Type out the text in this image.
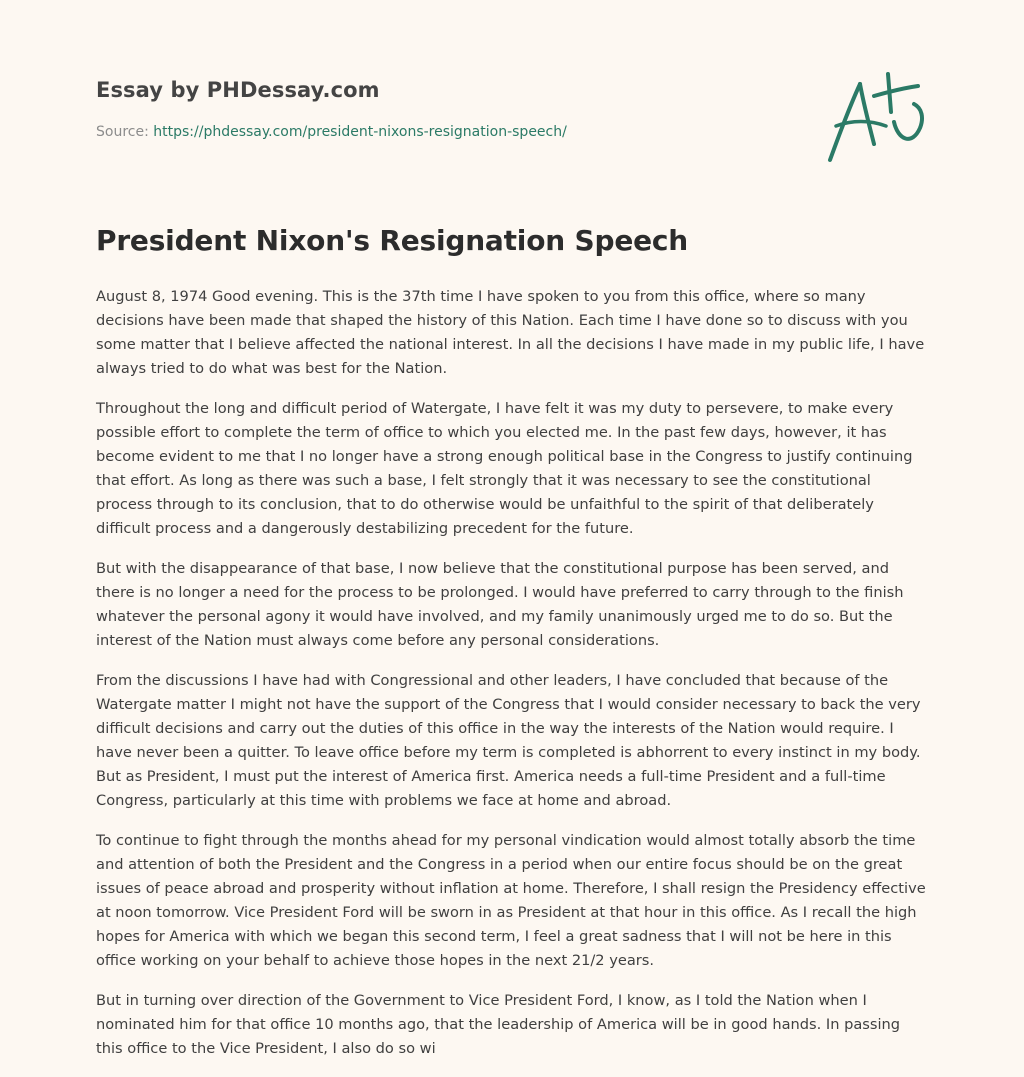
Essay by PHDessay.com
Source: https://phdessay.com/president-nixons-resignation-speech/
President Nixon's Resignation Speech

August 8, 1974 Good evening. This is the 37th time I have spoken to you from this office, where so many decisions have been made that shaped the history of this Nation. Each time I have done so to discuss with you some matter that I believe affected the national interest. In all the decisions I have made in my public life, I have always tried to do what was best for the Nation.

Throughout the long and difficult period of Watergate, I have felt it was my duty to persevere, to make every possible effort to complete the term of office to which you elected me. In the past few days, however, it has become evident to me that I no longer have a strong enough political base in the Congress to justify continuing that effort. As long as there was such a base, I felt strongly that it was necessary to see the constitutional process through to its conclusion, that to do otherwise would be unfaithful to the spirit of that deliberately difficult process and a dangerously destabilizing precedent for the future.

But with the disappearance of that base, I now believe that the constitutional purpose has been served, and there is no longer a need for the process to be prolonged. I would have preferred to carry through to the finish whatever the personal agony it would have involved, and my family unanimously urged me to do so. But the interest of the Nation must always come before any personal considerations.

From the discussions I have had with Congressional and other leaders, I have concluded that because of the Watergate matter I might not have the support of the Congress that I would consider necessary to back the very difficult decisions and carry out the duties of this office in the way the interests of the Nation would require. I have never been a quitter. To leave office before my term is completed is abhorrent to every instinct in my body. But as President, I must put the interest of America first. America needs a full-time President and a full-time Congress, particularly at this time with problems we face at home and abroad.

To continue to fight through the months ahead for my personal vindication would almost totally absorb the time and attention of both the President and the Congress in a period when our entire focus should be on the great issues of peace abroad and prosperity without inflation at home. Therefore, I shall resign the Presidency effective at noon tomorrow. Vice President Ford will be sworn in as President at that hour in this office. As I recall the high hopes for America with which we began this second term, I feel a great sadness that I will not be here in this office working on your behalf to achieve those hopes in the next 21/2 years.

But in turning over direction of the Government to Vice President Ford, I know, as I told the Nation when I nominated him for that office 10 months ago, that the leadership of America will be in good hands. In passing this office to the Vice President, I also do so wi
